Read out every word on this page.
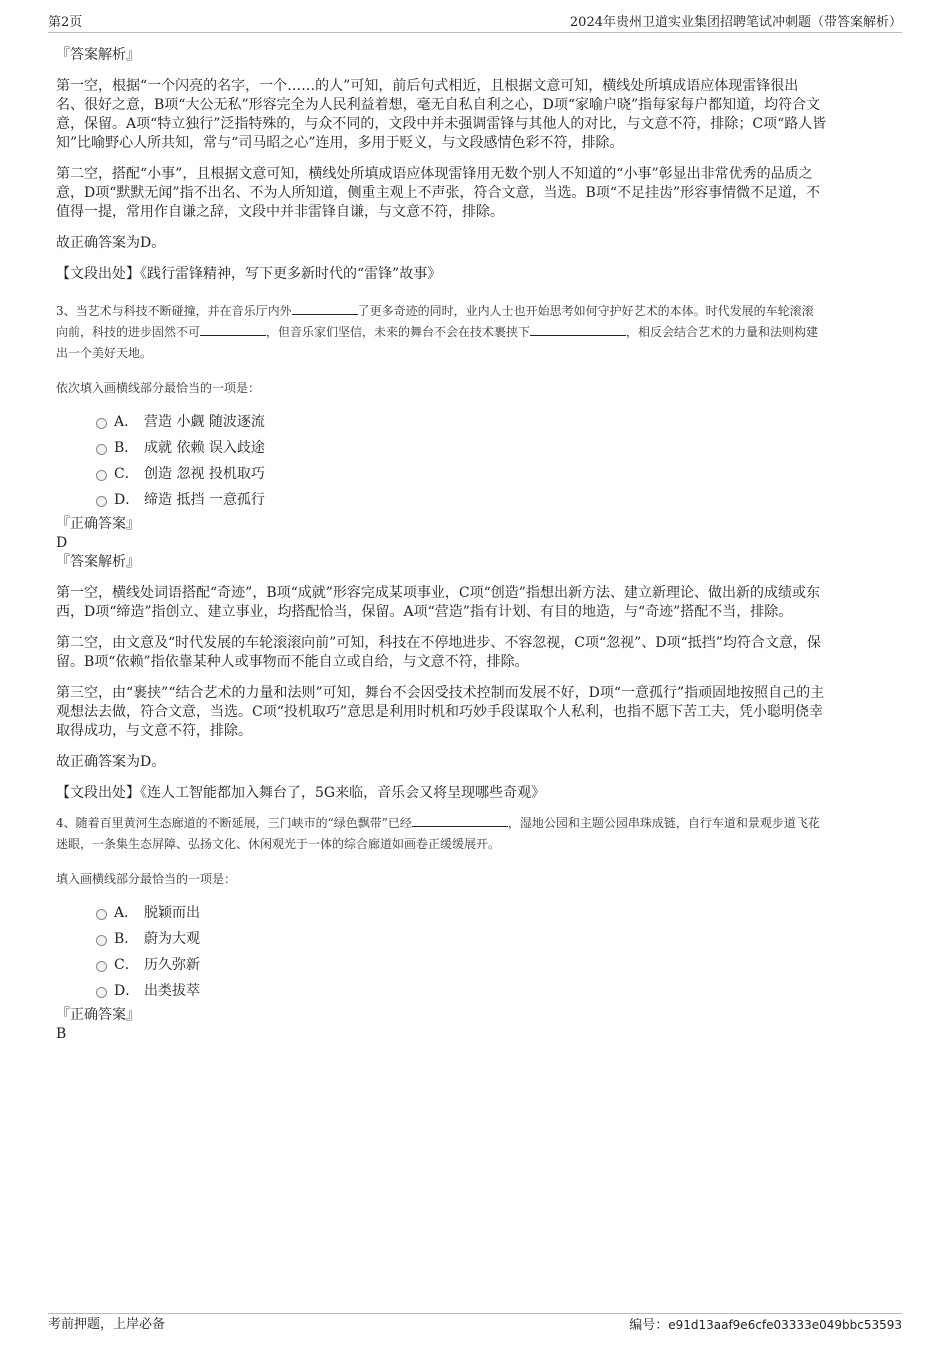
第2页	2024年贵州卫道实业集团招聘笔试冲刺题（带答案解析）

『答案解析』

第一空，根据“一个闪亮的名字，一个……的人”可知，前后句式相近，且根据文意可知，横线处所填成语应体现雷锋很出

名、很好之意，B项“大公无私”形容完全为人民利益着想，毫无自私自利之心，D项“家喻户晓”指每家每户都知道，均符合文

意，保留。A项“特立独行”泛指特殊的，与众不同的，文段中并未强调雷锋与其他人的对比，与文意不符，排除；C项“路人皆

知”比喻野心人所共知，常与“司马昭之心”连用，多用于贬义，与文段感情色彩不符，排除。

第二空，搭配“小事”，且根据文意可知，横线处所填成语应体现雷锋用无数个别人不知道的“小事”彰显出非常优秀的品质之

意，D项“默默无闻”指不出名、不为人所知道，侧重主观上不声张，符合文意，当选。B项“不足挂齿”形容事情微不足道，不

值得一提，常用作自谦之辞，文段中并非雷锋自谦，与文意不符，排除。

故正确答案为D。

【文段出处】《践行雷锋精神，写下更多新时代的“雷锋”故事》

3、当艺术与科技不断碰撞，并在音乐厅内外	了更多奇迹的同时，业内人士也开始思考如何守护好艺术的本体。时代发展的车轮滚滚

向前，科技的进步固然不可	，但音乐家们坚信，未来的舞台不会在技术裹挟下	，相反会结合艺术的力量和法则构建

出一个美好天地。

依次填入画横线部分最恰当的一项是：

A． 营造 小觑 随波逐流
B． 成就 依赖 误入歧途
C． 创造 忽视 投机取巧
D． 缔造 抵挡 一意孤行

『正确答案』

D

『答案解析』

第一空，横线处词语搭配“奇迹”，B项“成就”形容完成某项事业，C项“创造”指想出新方法、建立新理论、做出新的成绩或东

西，D项“缔造”指创立、建立事业，均搭配恰当，保留。A项“营造”指有计划、有目的地造，与“奇迹”搭配不当，排除。

第二空，由文意及“时代发展的车轮滚滚向前”可知，科技在不停地进步、不容忽视，C项“忽视”、D项“抵挡”均符合文意，保

留。B项“依赖”指依靠某种人或事物而不能自立或自给，与文意不符，排除。

第三空，由“裹挟”“结合艺术的力量和法则”可知，舞台不会因受技术控制而发展不好，D项“一意孤行”指顽固地按照自己的主

观想法去做，符合文意，当选。C项“投机取巧”意思是利用时机和巧妙手段谋取个人私利，也指不愿下苦工夫，凭小聪明侥幸

取得成功，与文意不符，排除。

故正确答案为D。

【文段出处】《连人工智能都加入舞台了，5G来临，音乐会又将呈现哪些奇观》

4、随着百里黄河生态廊道的不断延展，三门峡市的“绿色飘带”已经	，湿地公园和主题公园串珠成链，自行车道和景观步道飞花

迷眼，一条集生态屏障、弘扬文化、休闲观光于一体的综合廊道如画卷正缓缓展开。

填入画横线部分最恰当的一项是：

A． 脱颖而出
B． 蔚为大观
C． 历久弥新
D． 出类拔萃

『正确答案』

B

考前押题，上岸必备	编号：e91d13aaf9e6cfe03333e049bbc53593
